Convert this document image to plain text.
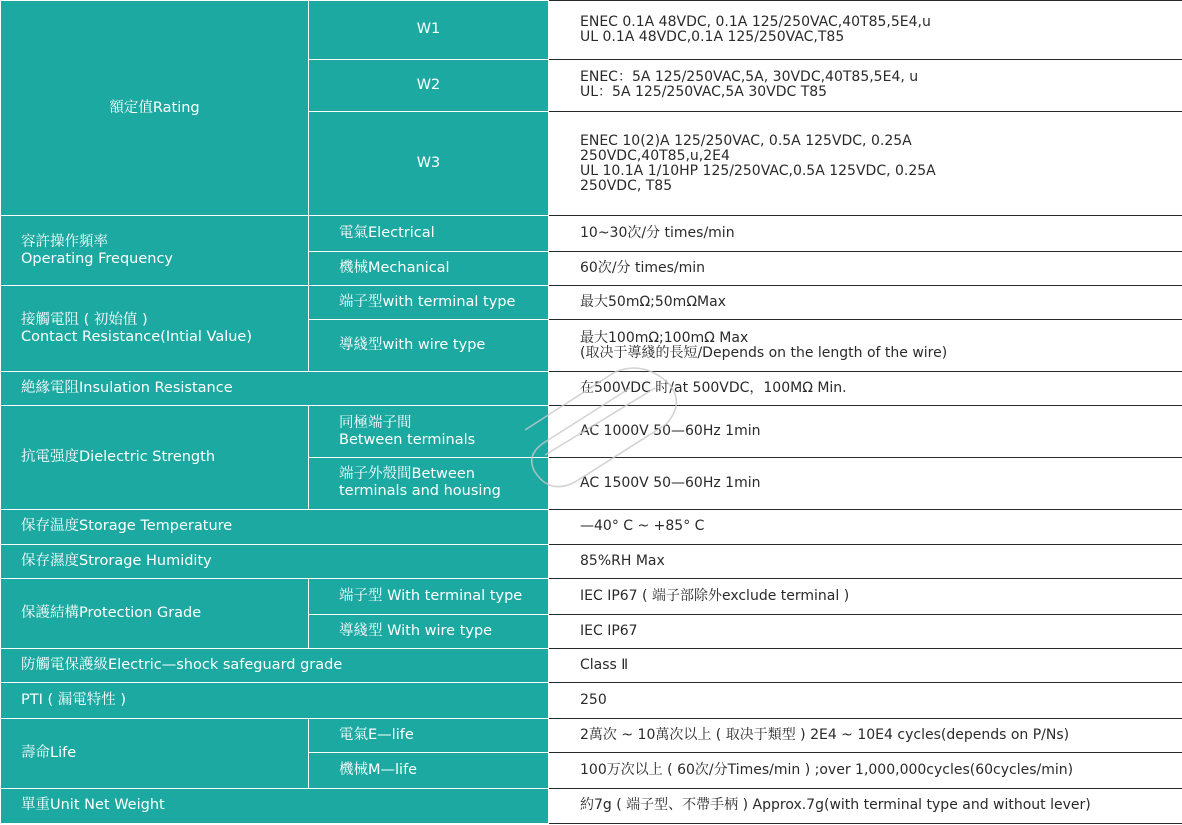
額定值Rating	W1	ENEC 0.1A 48VDC, 0.1A 125/250VAC,40T85,5E4,u
UL 0.1A 48VDC,0.1A 125/250VAC,T85

	W2	ENEC：5A 125/250VAC,5A, 30VDC,40T85,5E4, u
UL：5A 125/250VAC,5A 30VDC T85

	W3	ENEC 10(2)A 125/250VAC, 0.5A 125VDC, 0.25A
250VDC,40T85,u,2E4
UL 10.1A 1/10HP 125/250VAC,0.5A 125VDC, 0.25A
250VDC, T85

容許操作頻率
Operating Frequency	電氣Electrical	10~30次/分 times/min
	機械Mechanical	60次/分 times/min

接觸電阻 ( 初始值 )
Contact Resistance(Intial Value)	端子型with terminal type	最大50mΩ;50mΩMax

	導綫型with wire type	最大100mΩ;100mΩ Max
(取决于導綫的長短/Depends on the length of the wire)

絶緣電阻Insulation Resistance		在500VDC 时/at 500VDC，100MΩ Min.
抗電强度Dielectric Strength	同極端子間
Between terminals	AC 1000V 50—60Hz 1min

	端子外殼間Between
terminals and housing	AC 1500V 50—60Hz 1min
保存温度Storage Temperature		—40° C ~ +85° C
保存濕度Strorage Humidity		85%RH Max
保護結構Protection Grade	端子型 With terminal type	IEC IP67 ( 端子部除外exclude terminal )
	導綫型 With wire type	IEC IP67
防觸電保護級Electric—shock safeguard grade		Class Ⅱ
PTI ( 漏電特性 )		250
壽命Life	電氣E—life	2萬次 ~ 10萬次以上 ( 取决于類型 ) 2E4 ~ 10E4 cycles(depends on P/Ns)
	機械M—life	100万次以上 ( 60次/分Times/min ) ;over 1,000,000cycles(60cycles/min)
單重Unit Net Weight		約7g ( 端子型、不帶手柄 ) Approx.7g(with terminal type and without lever)
